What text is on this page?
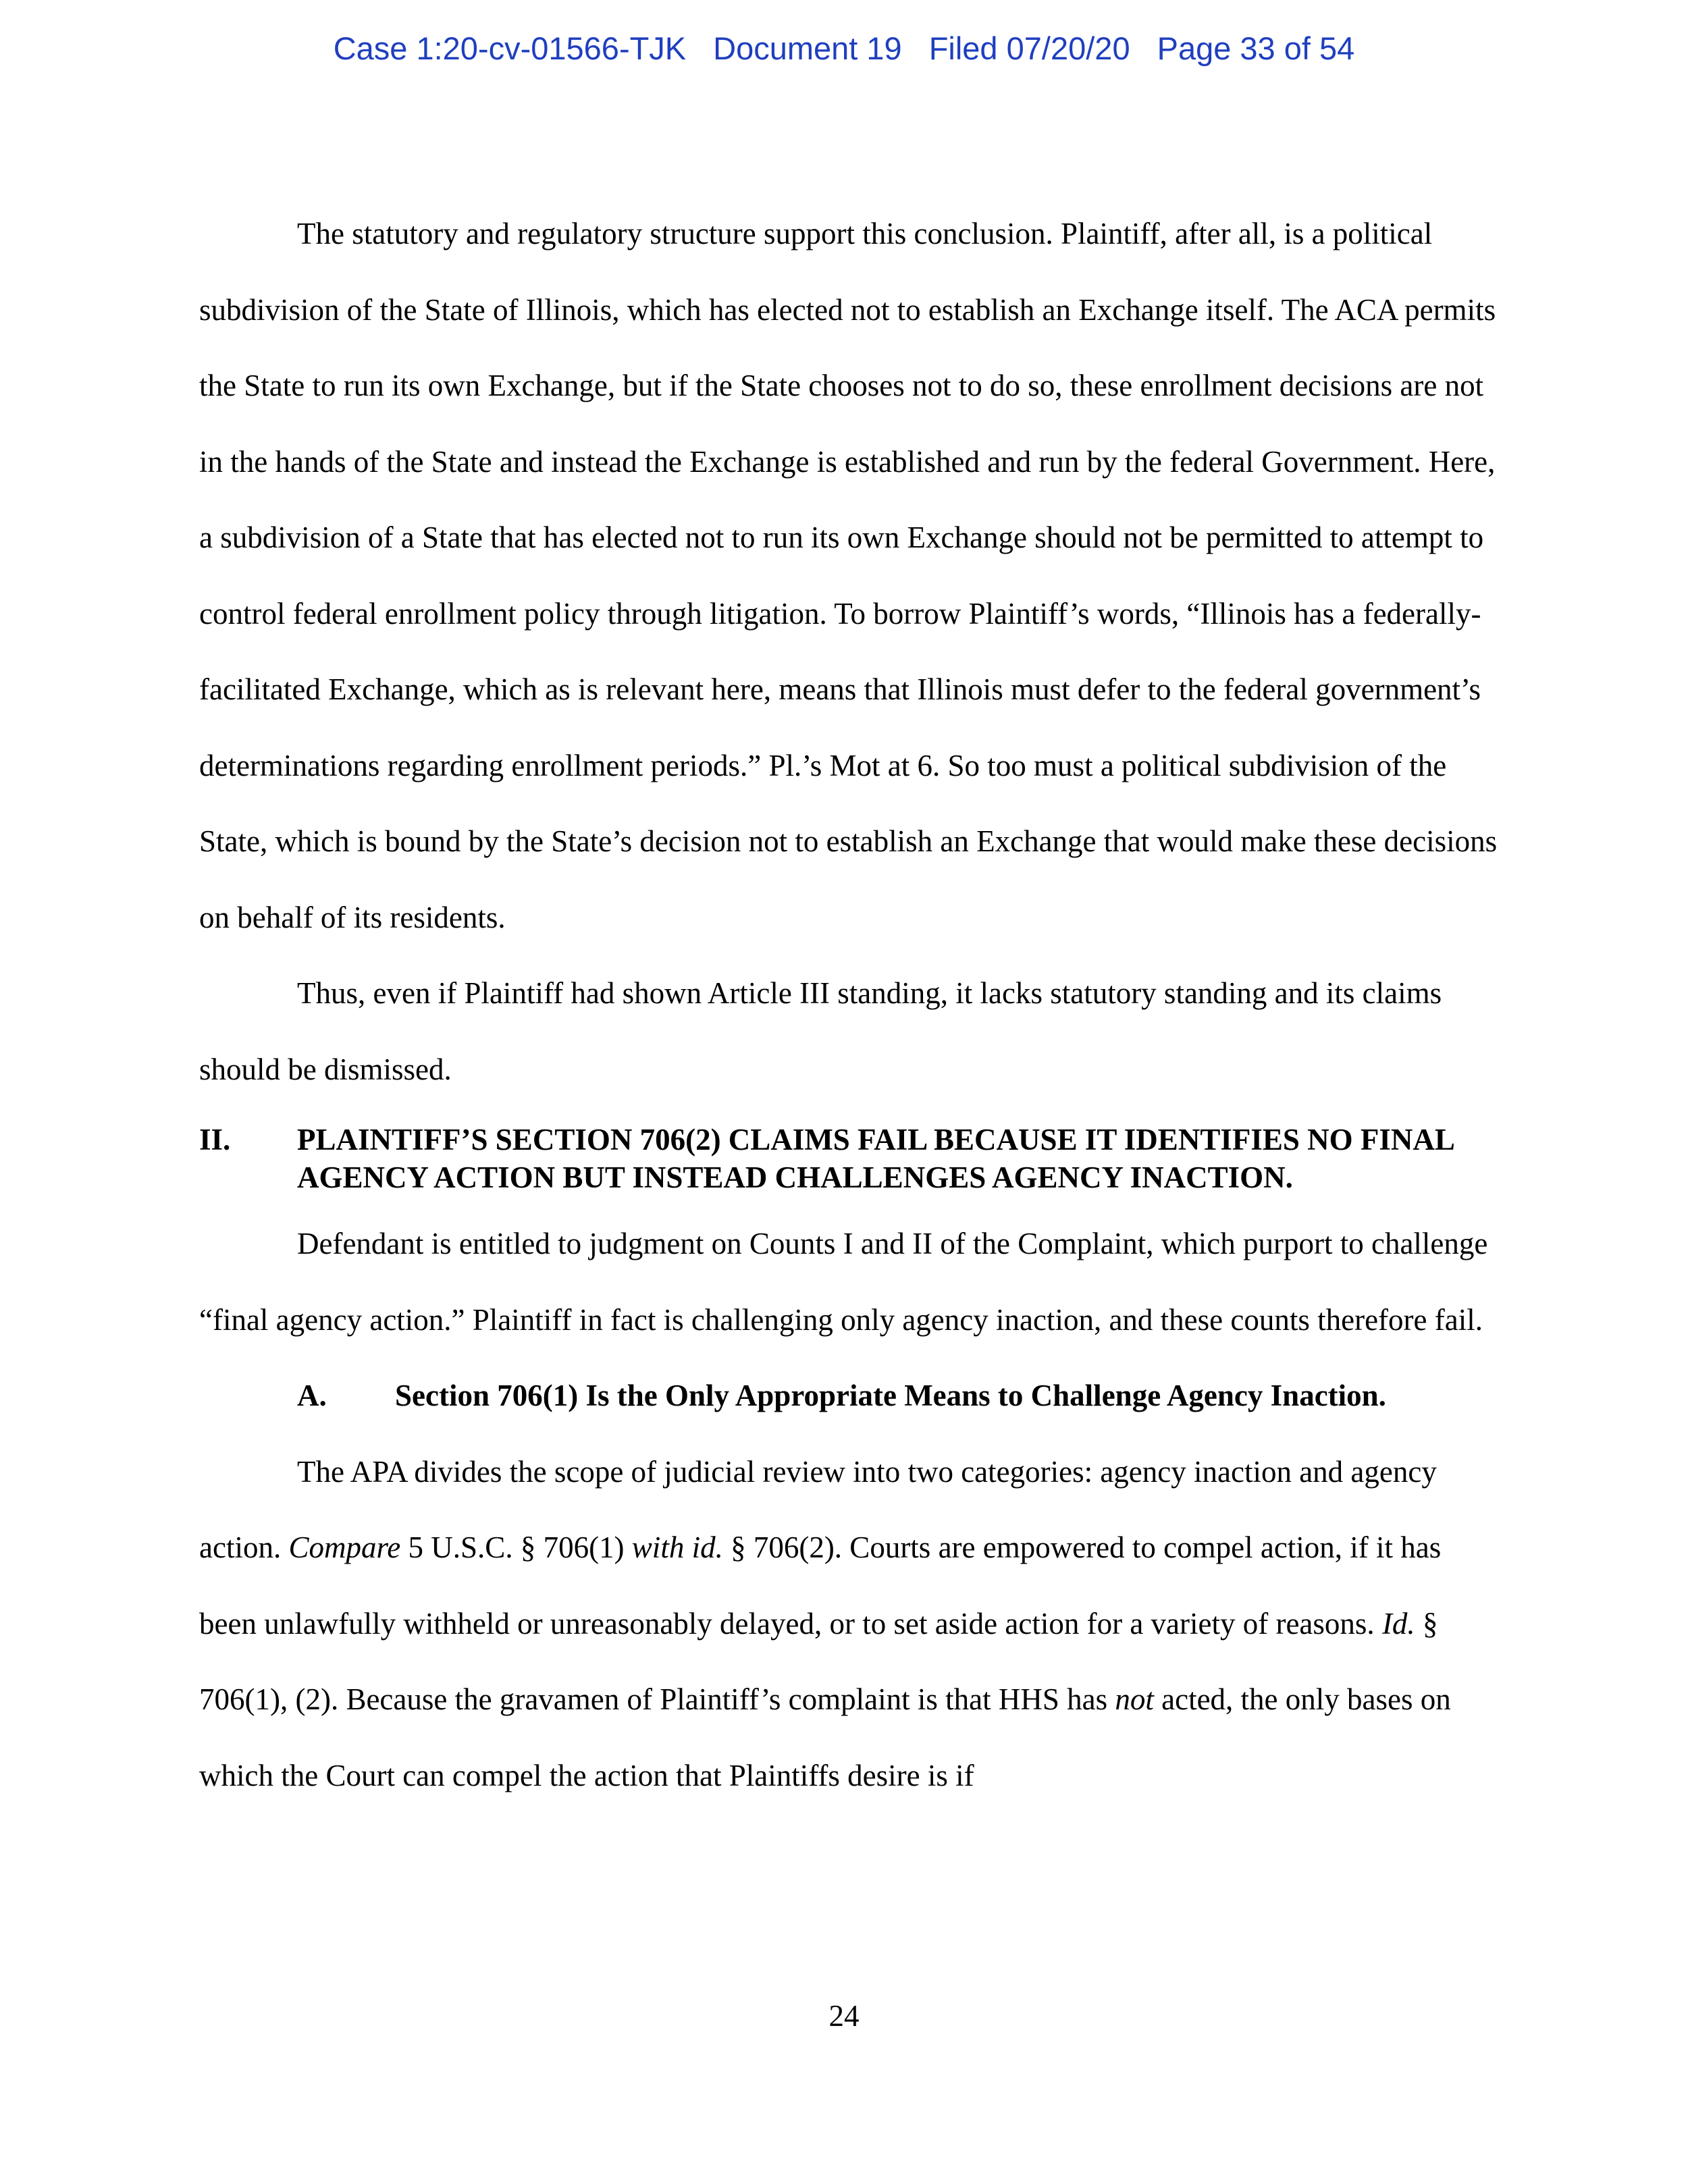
Case 1:20-cv-01566-TJK Document 19 Filed 07/20/20 Page 33 of 54

The statutory and regulatory structure support this conclusion. Plaintiff, after all, is a political subdivision of the State of Illinois, which has elected not to establish an Exchange itself. The ACA permits the State to run its own Exchange, but if the State chooses not to do so, these enrollment decisions are not in the hands of the State and instead the Exchange is established and run by the federal Government. Here, a subdivision of a State that has elected not to run its own Exchange should not be permitted to attempt to control federal enrollment policy through litigation. To borrow Plaintiff’s words, “Illinois has a federally-facilitated Exchange, which as is relevant here, means that Illinois must defer to the federal government’s determinations regarding enrollment periods.” Pl.’s Mot at 6. So too must a political subdivision of the State, which is bound by the State’s decision not to establish an Exchange that would make these decisions on behalf of its residents.

Thus, even if Plaintiff had shown Article III standing, it lacks statutory standing and its claims should be dismissed.

II. PLAINTIFF’S SECTION 706(2) CLAIMS FAIL BECAUSE IT IDENTIFIES NO FINAL AGENCY ACTION BUT INSTEAD CHALLENGES AGENCY INACTION.

Defendant is entitled to judgment on Counts I and II of the Complaint, which purport to challenge “final agency action.” Plaintiff in fact is challenging only agency inaction, and these counts therefore fail.

A. Section 706(1) Is the Only Appropriate Means to Challenge Agency Inaction.

The APA divides the scope of judicial review into two categories: agency inaction and agency action. Compare 5 U.S.C. § 706(1) with id. § 706(2). Courts are empowered to compel action, if it has been unlawfully withheld or unreasonably delayed, or to set aside action for a variety of reasons. Id. § 706(1), (2). Because the gravamen of Plaintiff’s complaint is that HHS has not acted, the only bases on which the Court can compel the action that Plaintiffs desire is if

24
